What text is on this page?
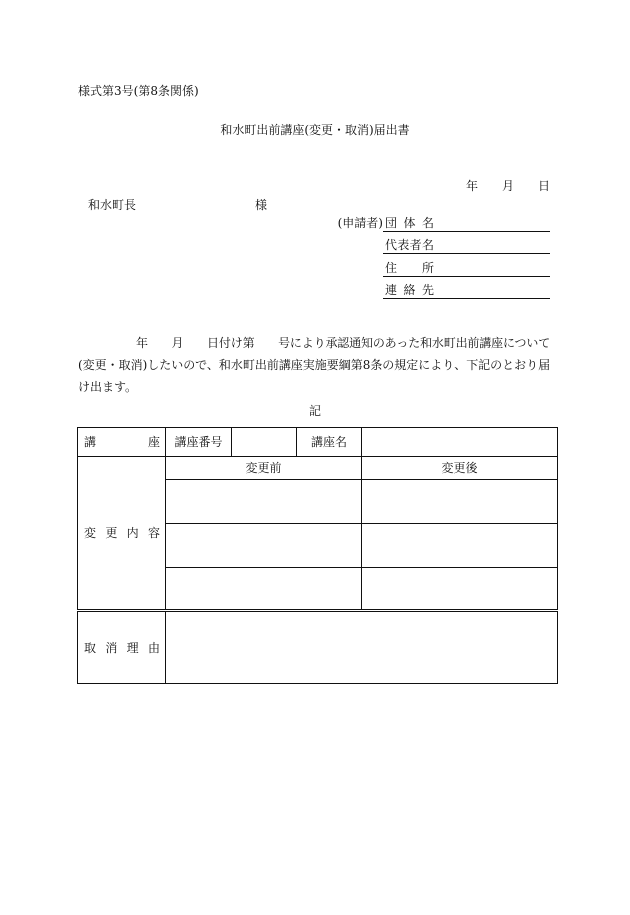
様式第3号(第8条関係)

和水町出前講座(変更・取消)届出書

年　　月　　日

和水町長	様

(申請者) 団 体 名
代表者名
住　　所
連 絡 先

年　　月　　日付け第　　号により承認通知のあった和水町出前講座について

(変更・取消)したいので、和水町出前講座実施要綱第8条の規定により、下記のとおり届

け出ます。

記

講 座	講座番号		講座名	
変 更 内 容	変更前			変更後

取 消 理 由				
